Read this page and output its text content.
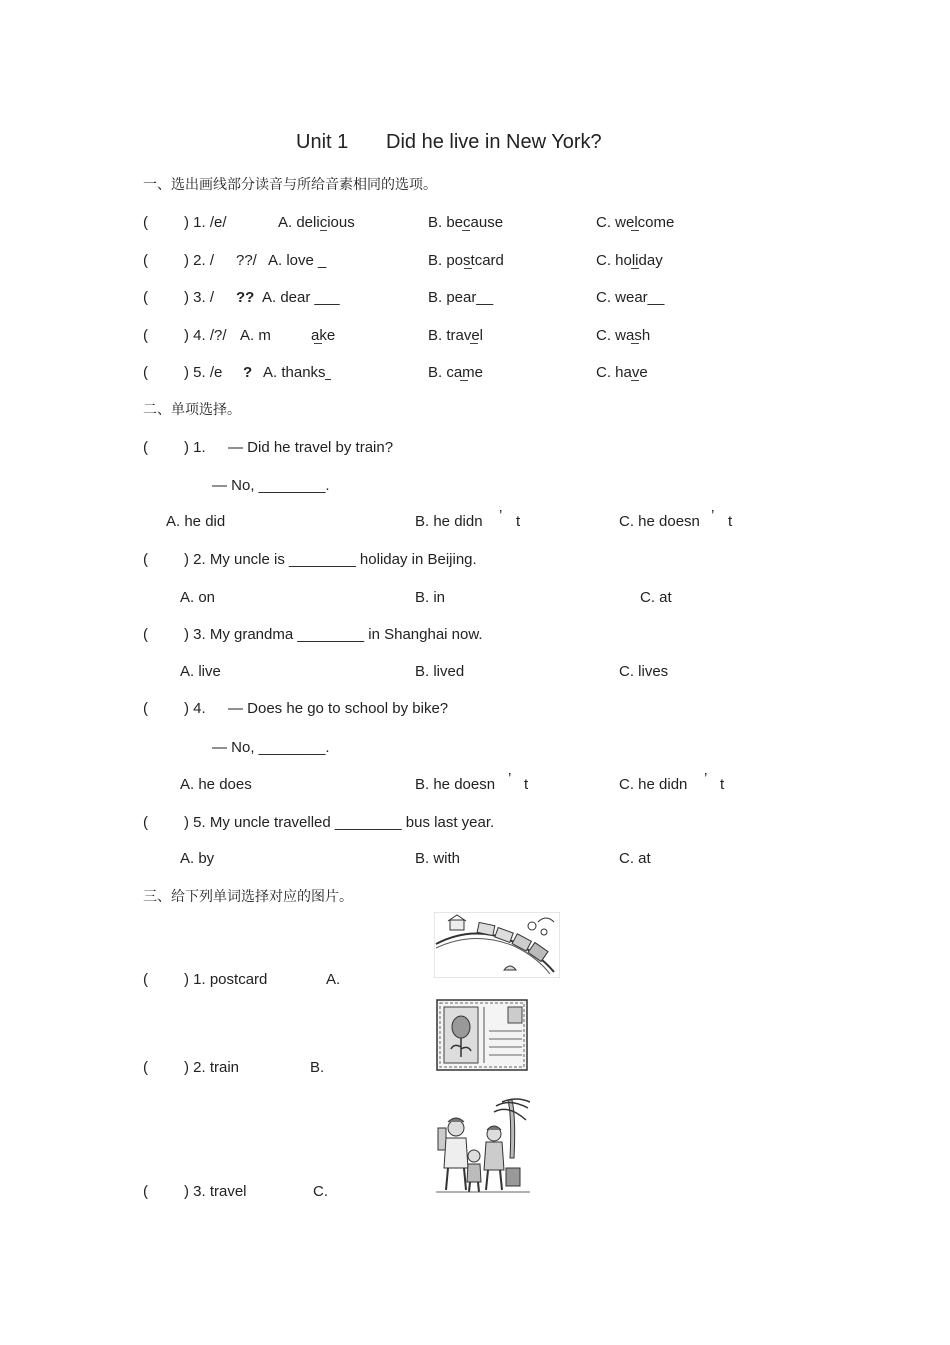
Unit 1 Did he live in New York?
一、选出画线部分读音与所给音素相同的选项。
( ) 1. /e/	A. delicious	B. because	C. welcome
( ) 2. / ??/ A. love _	B. postcard	C. holiday
( ) 3. / ?? A. dear ___	B. pear__	C. wear__
( ) 4. /?/ A. m	ake	B. travel	C. wash
( ) 5. /e ? A. thanks	B. came	C. have
二、单项选择。
( ) 1. — Did he travel by train?
— No, ________.
A. he did	B. he didn ’ t	C. he doesn ’ t
( ) 2. My uncle is ________ holiday in Beijing.
A. on	B. in	C. at
( ) 3. My grandma ________ in Shanghai now.
A. live	B. lived	C. lives
( ) 4. — Does he go to school by bike?
— No, ________.
A. he does	B. he doesn ’ t	C. he didn ’ t
( ) 5. My uncle travelled ________ bus last year.
A. by	B. with	C. at
三、给下列单词选择对应的图片。
( ) 1. postcard	A.
( ) 2. train	B.
( ) 3. travel	C.
